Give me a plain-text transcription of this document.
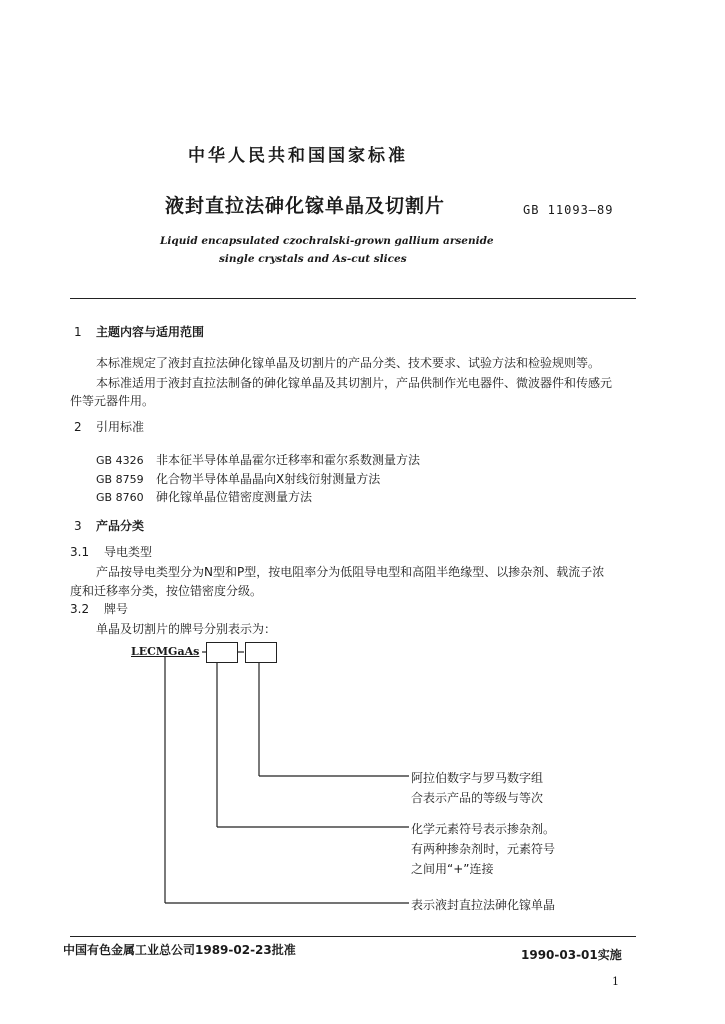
中华人民共和国国家标准
液封直拉法砷化镓单晶及切割片	GB 11093—89
Liquid encapsulated czochralski-grown gallium arsenide
single crystals and As-cut slices
1 主题内容与适用范围
本标准规定了液封直拉法砷化镓单晶及切割片的产品分类、技术要求、试验方法和检验规则等。
本标准适用于液封直拉法制备的砷化镓单晶及其切割片，产品供制作光电器件、微波器件和传感元
件等元器件用。
2 引用标准
GB 4326 非本征半导体单晶霍尔迁移率和霍尔系数测量方法
GB 8759 化合物半导体单晶晶向X射线衍射测量方法
GB 8760 砷化镓单晶位错密度测量方法
3 产品分类
3.1 导电类型
产品按导电类型分为N型和P型，按电阻率分为低阻导电型和高阻半绝缘型、以掺杂剂、载流子浓
度和迁移率分类，按位错密度分级。
3.2 牌号
单晶及切割片的牌号分别表示为：
LECMGaAs
阿拉伯数字与罗马数字组
合表示产品的等级与等次
化学元素符号表示掺杂剂。
有两种掺杂剂时，元素符号
之间用“+”连接
表示液封直拉法砷化镓单晶
中国有色金属工业总公司1989-02-23批准	1990-03-01实施
1
